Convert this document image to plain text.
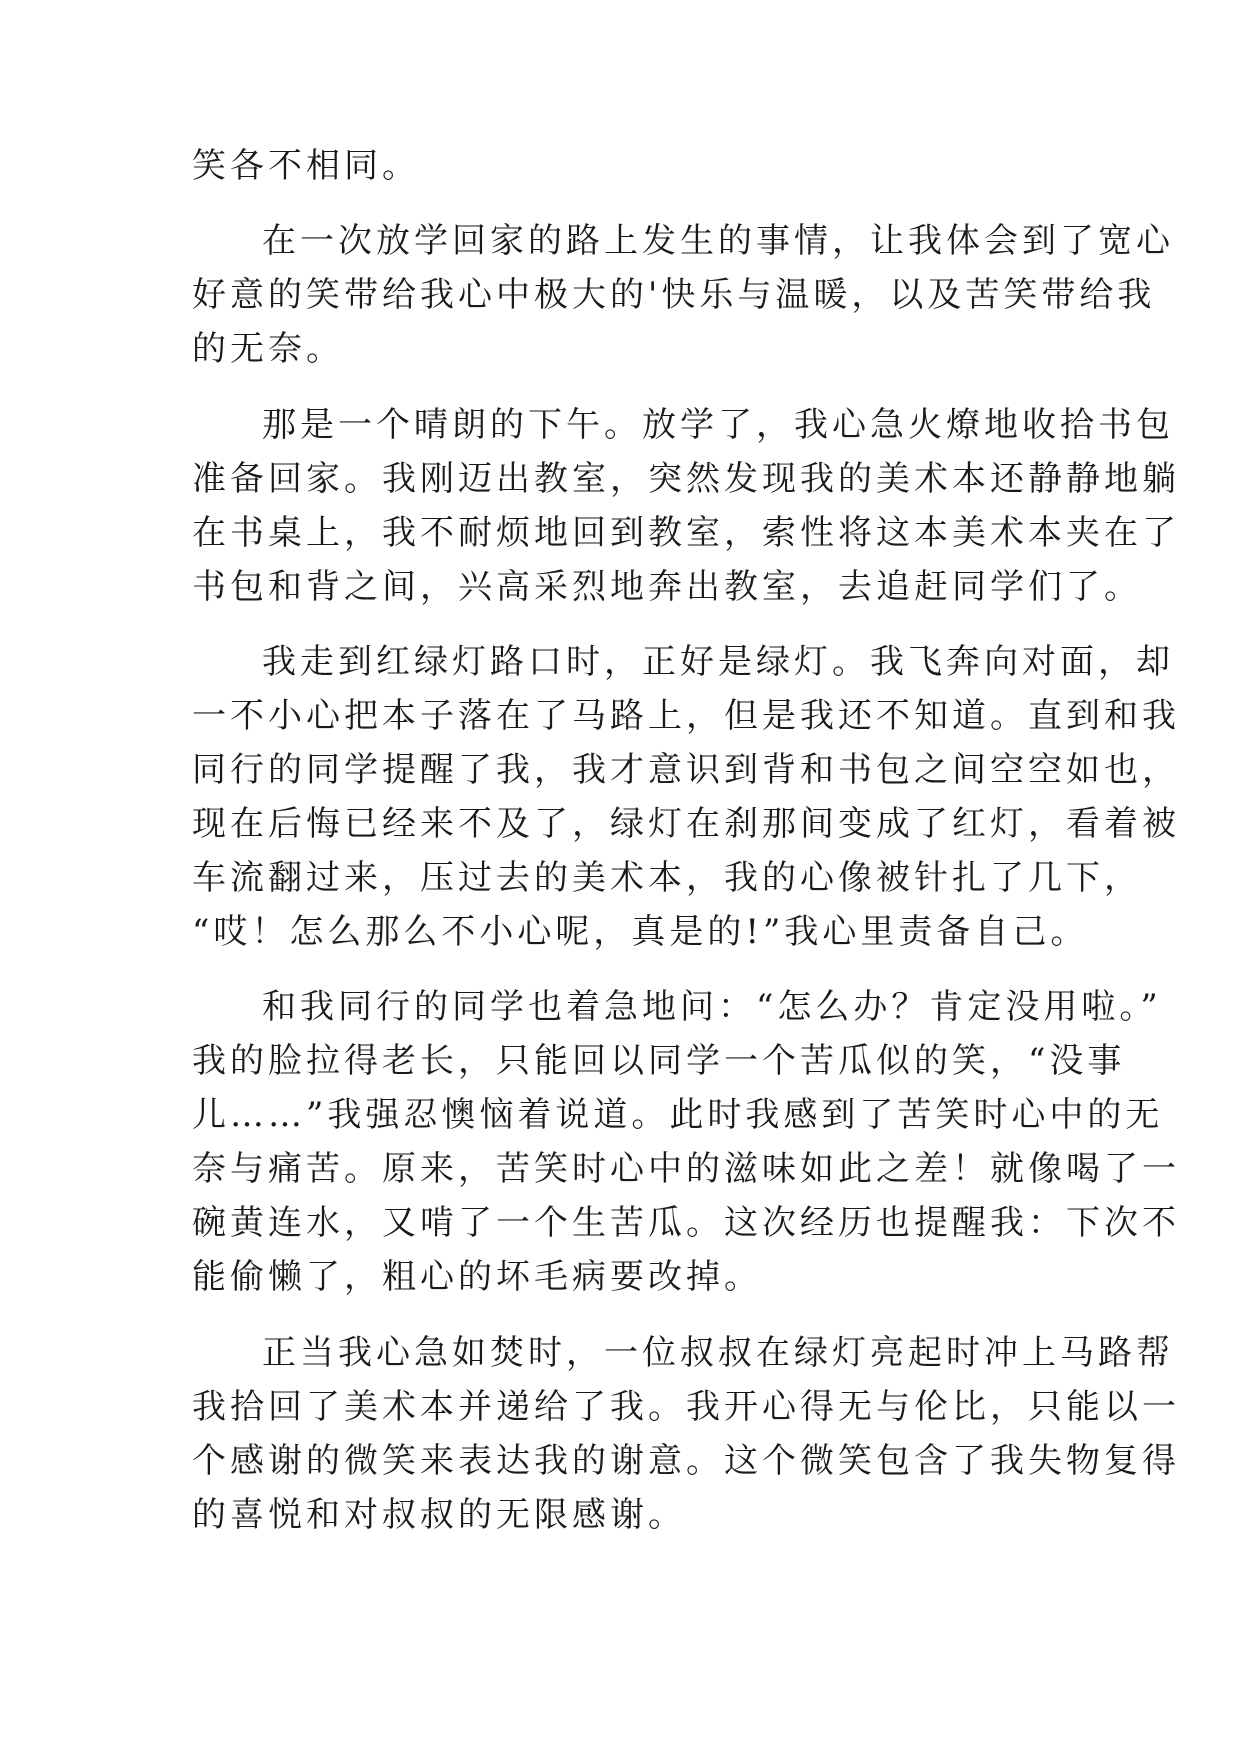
笑各不相同。
在一次放学回家的路上发生的事情，让我体会到了宽心
好意的笑带给我心中极大的'快乐与温暖，以及苦笑带给我
的无奈。
那是一个晴朗的下午。放学了，我心急火燎地收拾书包
准备回家。我刚迈出教室，突然发现我的美术本还静静地躺
在书桌上，我不耐烦地回到教室，索性将这本美术本夹在了
书包和背之间，兴高采烈地奔出教室，去追赶同学们了。
我走到红绿灯路口时，正好是绿灯。我飞奔向对面，却
一不小心把本子落在了马路上，但是我还不知道。直到和我
同行的同学提醒了我，我才意识到背和书包之间空空如也，
现在后悔已经来不及了，绿灯在刹那间变成了红灯，看着被
车流翻过来，压过去的美术本，我的心像被针扎了几下，
“哎！怎么那么不小心呢，真是的!”我心里责备自己。
和我同行的同学也着急地问：“怎么办？肯定没用啦。”
我的脸拉得老长，只能回以同学一个苦瓜似的笑，“没事
儿……”我强忍懊恼着说道。此时我感到了苦笑时心中的无
奈与痛苦。原来，苦笑时心中的滋味如此之差！就像喝了一
碗黄连水，又啃了一个生苦瓜。这次经历也提醒我：下次不
能偷懒了，粗心的坏毛病要改掉。
正当我心急如焚时，一位叔叔在绿灯亮起时冲上马路帮
我拾回了美术本并递给了我。我开心得无与伦比，只能以一
个感谢的微笑来表达我的谢意。这个微笑包含了我失物复得
的喜悦和对叔叔的无限感谢。
